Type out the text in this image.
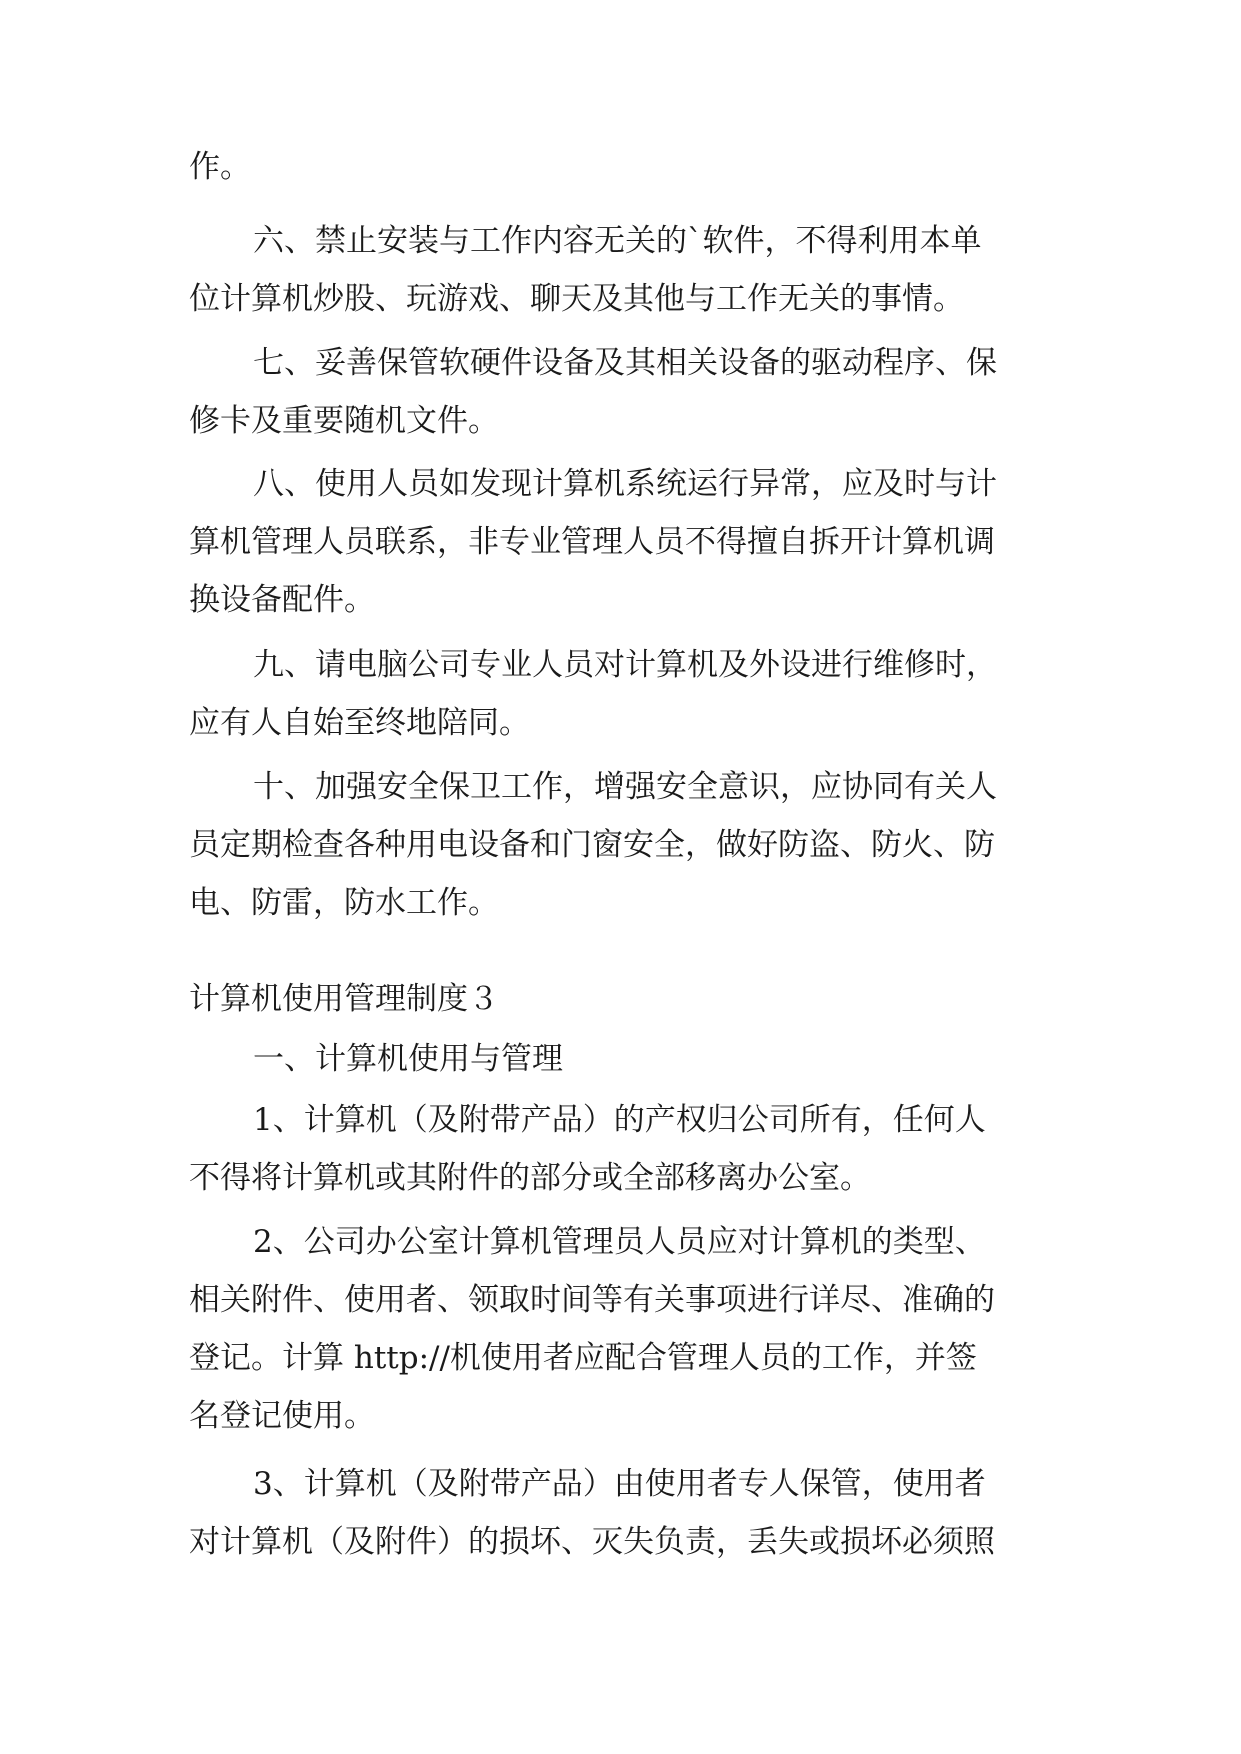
作。
六、禁止安装与工作内容无关的`软件，不得利用本单
位计算机炒股、玩游戏、聊天及其他与工作无关的事情。
七、妥善保管软硬件设备及其相关设备的驱动程序、保
修卡及重要随机文件。
八、使用人员如发现计算机系统运行异常，应及时与计
算机管理人员联系，非专业管理人员不得擅自拆开计算机调
换设备配件。
九、请电脑公司专业人员对计算机及外设进行维修时，
应有人自始至终地陪同。
十、加强安全保卫工作，增强安全意识，应协同有关人
员定期检查各种用电设备和门窗安全，做好防盗、防火、防
电、防雷，防水工作。
计算机使用管理制度３
一、计算机使用与管理
1、计算机（及附带产品）的产权归公司所有，任何人
不得将计算机或其附件的部分或全部移离办公室。
2、公司办公室计算机管理员人员应对计算机的类型、
相关附件、使用者、领取时间等有关事项进行详尽、准确的
登记。计算 http://机使用者应配合管理人员的工作，并签
名登记使用。
3、计算机（及附带产品）由使用者专人保管，使用者
对计算机（及附件）的损坏、灭失负责，丢失或损坏必须照
